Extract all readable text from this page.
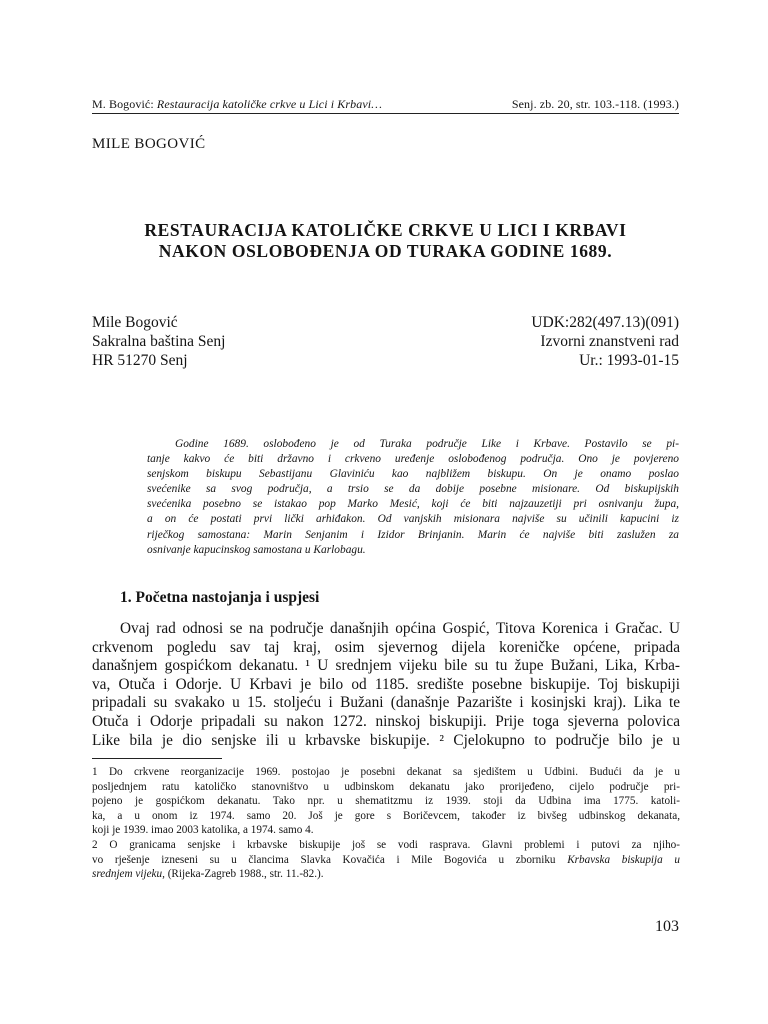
M. Bogović: Restauracija katoličke crkve u Lici i Krbavi…	Senj. zb. 20, str. 103.-118. (1993.)
MILE BOGOVIĆ
RESTAURACIJA KATOLIČKE CRKVE U LICI I KRBAVI
NAKON OSLOBOĐENJA OD TURAKA GODINE 1689.
Mile Bogović
Sakralna baština Senj
HR 51270 Senj
UDK:282(497.13)(091)
Izvorni znanstveni rad
Ur.: 1993-01-15
Godine 1689. oslobođeno je od Turaka područje Like i Krbave. Postavilo se pi-
tanje kakvo će biti državno i crkveno uređenje oslobođenog područja. Ono je povjereno
senjskom biskupu Sebastijanu Glaviniću kao najbližem biskupu. On je onamo poslao
svećenike sa svog područja, a trsio se da dobije posebne misionare. Od biskupijskih
svećenika posebno se istakao pop Marko Mesić, koji će biti najzauzetiji pri osnivanju župa,
a on će postati prvi lički arhiđakon. Od vanjskih misionara najviše su učinili kapucini iz
riječkog samostana: Marin Senjanim i Izidor Brinjanin. Marin će najviše biti zaslužen za
osnivanje kapucinskog samostana u Karlobagu.
1. Početna nastojanja i uspjesi
Ovaj rad odnosi se na područje današnjih općina Gospić, Titova Korenica i Gračac. U
crkvenom pogledu sav taj kraj, osim sjevernog dijela koreničke općene, pripada
današnjem gospićkom dekanatu. ¹ U srednjem vijeku bile su tu župe Bužani, Lika, Krba-
va, Otuča i Odorje. U Krbavi je bilo od 1185. središte posebne biskupije. Toj biskupiji
pripadali su svakako u 15. stoljeću i Bužani (današnje Pazarište i kosinjski kraj). Lika te
Otuča i Odorje pripadali su nakon 1272. ninskoj biskupiji. Prije toga sjeverna polovica
Like bila je dio senjske ili u krbavske biskupije. ² Cjelokupno to područje bilo je u
1 Do crkvene reorganizacije 1969. postojao je posebni dekanat sa sjedištem u Udbini. Budući da je u
posljednjem ratu katoličko stanovništvo u udbinskom dekanatu jako prorijeđeno, cijelo područje pri-
pojeno je gospićkom dekanatu. Tako npr. u shematitzmu iz 1939. stoji da Udbina ima 1775. katoli-
ka, a u onom iz 1974. samo 20. Još je gore s Boričevcem, također iz bivšeg udbinskog dekanata,
koji je 1939. imao 2003 katolika, a 1974. samo 4.
2 O granicama senjske i krbavske biskupije još se vodi rasprava. Glavni problemi i putovi za njiho-
vo rješenje izneseni su u člancima Slavka Kovačića i Mile Bogovića u zborniku Krbavska biskupija u
srednjem vijeku, (Rijeka-Zagreb 1988., str. 11.-82.).
103
